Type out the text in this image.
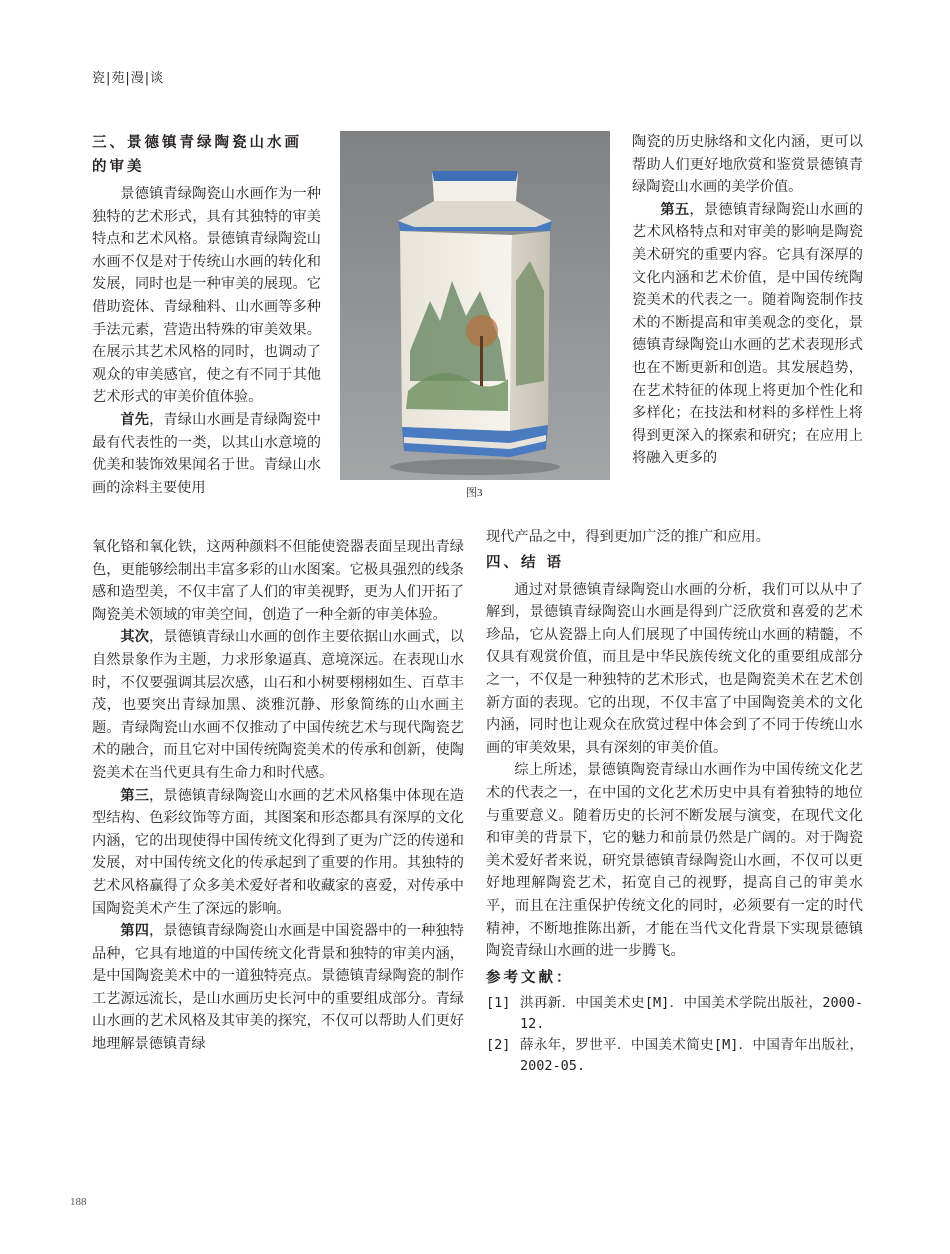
瓷|苑|漫|谈
图3
三、景德镇青绿陶瓷山水画
的审美

景德镇青绿陶瓷山水画作为一种独特的艺术形式，具有其独特的审美特点和艺术风格。景德镇青绿陶瓷山水画不仅是对于传统山水画的转化和发展，同时也是一种审美的展现。它借助瓷体、青绿釉料、山水画等多种手法元素，营造出特殊的审美效果。在展示其艺术风格的同时，也调动了观众的审美感官，使之有不同于其他艺术形式的审美价值体验。

首先，青绿山水画是青绿陶瓷中最有代表性的一类，以其山水意境的优美和装饰效果闻名于世。青绿山水画的涂料主要使用

陶瓷的历史脉络和文化内涵，更可以帮助人们更好地欣赏和鉴赏景德镇青绿陶瓷山水画的美学价值。

第五，景德镇青绿陶瓷山水画的艺术风格特点和对审美的影响是陶瓷美术研究的重要内容。它具有深厚的文化内涵和艺术价值，是中国传统陶瓷美术的代表之一。随着陶瓷制作技术的不断提高和审美观念的变化，景德镇青绿陶瓷山水画的艺术表现形式也在不断更新和创造。其发展趋势，在艺术特征的体现上将更加个性化和多样化；在技法和材料的多样性上将得到更深入的探索和研究；在应用上将融入更多的

氧化铬和氧化铁，这两种颜料不但能使瓷器表面呈现出青绿色，更能够绘制出丰富多彩的山水图案。它极具强烈的线条感和造型美，不仅丰富了人们的审美视野，更为人们开拓了陶瓷美术领域的审美空间，创造了一种全新的审美体验。

其次，景德镇青绿山水画的创作主要依据山水画式，以自然景象作为主题，力求形象逼真、意境深远。在表现山水时，不仅要强调其层次感，山石和小树要栩栩如生、百草丰茂，也要突出青绿加黑、淡雅沉静、形象简练的山水画主题。青绿陶瓷山水画不仅推动了中国传统艺术与现代陶瓷艺术的融合，而且它对中国传统陶瓷美术的传承和创新，使陶瓷美术在当代更具有生命力和时代感。

第三，景德镇青绿陶瓷山水画的艺术风格集中体现在造型结构、色彩纹饰等方面，其图案和形态都具有深厚的文化内涵，它的出现使得中国传统文化得到了更为广泛的传递和发展，对中国传统文化的传承起到了重要的作用。其独特的艺术风格赢得了众多美术爱好者和收藏家的喜爱，对传承中国陶瓷美术产生了深远的影响。

第四，景德镇青绿陶瓷山水画是中国瓷器中的一种独特品种，它具有地道的中国传统文化背景和独特的审美内涵，是中国陶瓷美术中的一道独特亮点。景德镇青绿陶瓷的制作工艺源远流长，是山水画历史长河中的重要组成部分。青绿山水画的艺术风格及其审美的探究，不仅可以帮助人们更好地理解景德镇青绿

现代产品之中，得到更加广泛的推广和应用。

四、结 语

通过对景德镇青绿陶瓷山水画的分析，我们可以从中了解到，景德镇青绿陶瓷山水画是得到广泛欣赏和喜爱的艺术珍品，它从瓷器上向人们展现了中国传统山水画的精髓，不仅具有观赏价值，而且是中华民族传统文化的重要组成部分之一，不仅是一种独特的艺术形式，也是陶瓷美术在艺术创新方面的表现。它的出现，不仅丰富了中国陶瓷美术的文化内涵，同时也让观众在欣赏过程中体会到了不同于传统山水画的审美效果，具有深刻的审美价值。

综上所述，景德镇陶瓷青绿山水画作为中国传统文化艺术的代表之一，在中国的文化艺术历史中具有着独特的地位与重要意义。随着历史的长河不断发展与演变，在现代文化和审美的背景下，它的魅力和前景仍然是广阔的。对于陶瓷美术爱好者来说，研究景德镇青绿陶瓷山水画，不仅可以更好地理解陶瓷艺术，拓宽自己的视野，提高自己的审美水平，而且在注重保护传统文化的同时，必须要有一定的时代精神，不断地推陈出新，才能在当代文化背景下实现景德镇陶瓷青绿山水画的进一步腾飞。

参考文献：
[1] 洪再新．中国美术史[M]．中国美术学院出版社，2000-12.
[2] 薛永年，罗世平．中国美术简史[M]．中国青年出版社，2002-05.
188
